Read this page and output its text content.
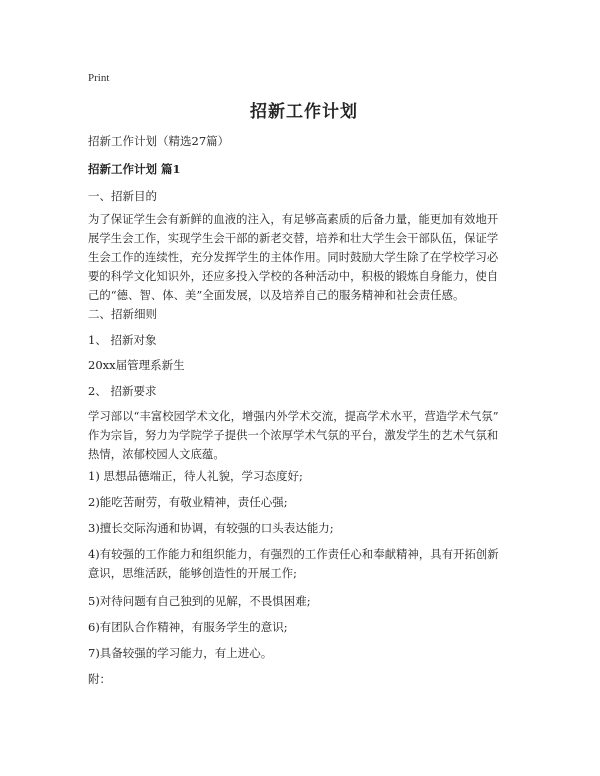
Print
招新工作计划
招新工作计划（精选27篇）
招新工作计划 篇1
一、招新目的
为了保证学生会有新鲜的血液的注入，有足够高素质的后备力量，能更加有效地开
展学生会工作，实现学生会干部的新老交替，培养和壮大学生会干部队伍，保证学
生会工作的连续性，充分发挥学生的主体作用。同时鼓励大学生除了在学校学习必
要的科学文化知识外，还应多投入学校的各种活动中，积极的锻炼自身能力，使自
己的“德、智、体、美”全面发展，以及培养自己的服务精神和社会责任感。
二、招新细则
1、 招新对象
20xx届管理系新生
2、 招新要求
学习部以“丰富校园学术文化，增强内外学术交流，提高学术水平，营造学术气氛”
作为宗旨，努力为学院学子提供一个浓厚学术气氛的平台，激发学生的艺术气氛和
热情，浓郁校园人文底蕴。
1) 思想品德端正，待人礼貌，学习态度好;
2)能吃苦耐劳，有敬业精神，责任心强;
3)擅长交际沟通和协调，有较强的口头表达能力;
4)有较强的工作能力和组织能力，有强烈的工作责任心和奉献精神，具有开拓创新
意识，思维活跃，能够创造性的开展工作;
5)对待问题有自己独到的见解，不畏惧困难;
6)有团队合作精神，有服务学生的意识;
7)具备较强的学习能力，有上进心。
附：
